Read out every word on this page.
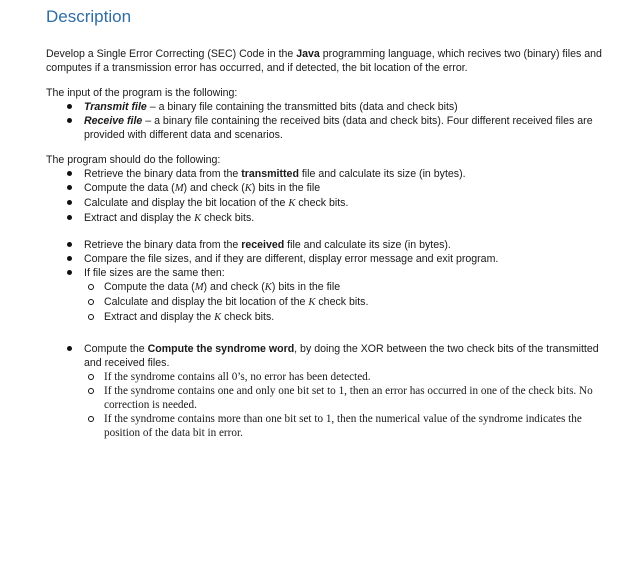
Description

Develop a Single Error Correcting (SEC) Code in the Java programming language, which recives two (binary) files and computes if a transmission error has occurred, and if detected, the bit location of the error.

The input of the program is the following:

Transmit file – a binary file containing the transmitted bits (data and check bits)
Receive file – a binary file containing the received bits (data and check bits). Four different received files are provided with different data and scenarios.

The program should do the following:

Retrieve the binary data from the transmitted file and calculate its size (in bytes).
Compute the data (M) and check (K) bits in the file
Calculate and display the bit location of the K check bits.
Extract and display the K check bits.
Retrieve the binary data from the received file and calculate its size (in bytes).
Compare the file sizes, and if they are different, display error message and exit program.
If file sizes are the same then:
Compute the data (M) and check (K) bits in the file
Calculate and display the bit location of the K check bits.
Extract and display the K check bits.
Compute the Compute the syndrome word, by doing the XOR between the two check bits of the transmitted and received files.
If the syndrome contains all 0’s, no error has been detected.
If the syndrome contains one and only one bit set to 1, then an error has occurred in one of the check bits. No correction is needed.
If the syndrome contains more than one bit set to 1, then the numerical value of the syndrome indicates the position of the data bit in error.
